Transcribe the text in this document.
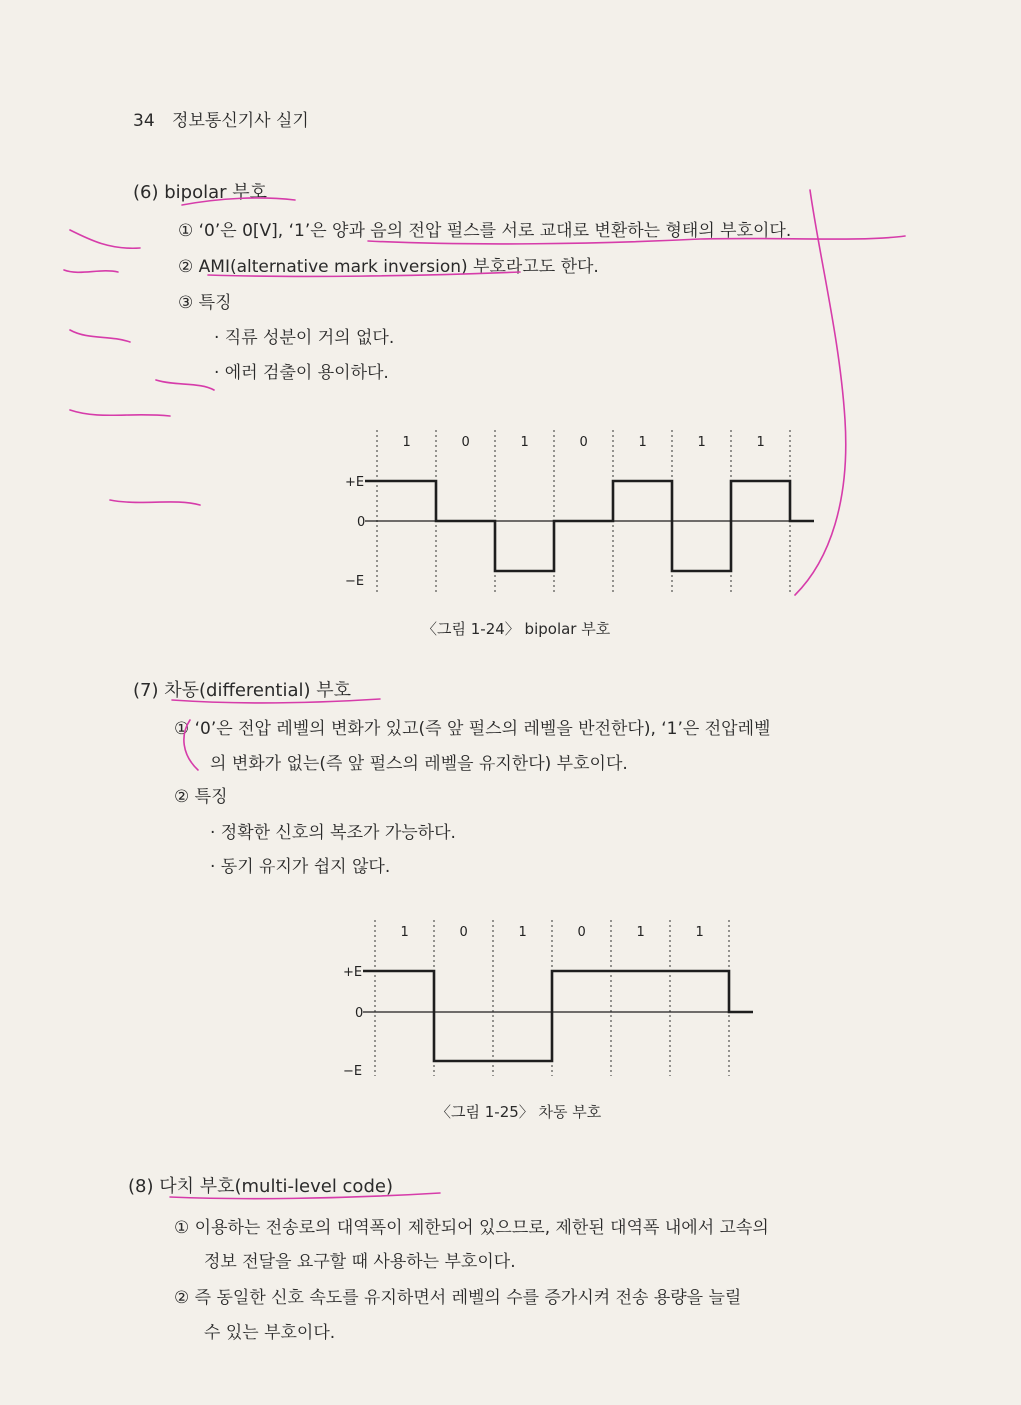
34 정보통신기사 실기
(6) bipolar 부호
① ‘0’은 0[V], ‘1’은 양과 음의 전압 펄스를 서로 교대로 변환하는 형태의 부호이다.
② AMI(alternative mark inversion) 부호라고도 한다.
③ 특징
· 직류 성분이 거의 없다.
· 에러 검출이 용이하다.
(7) 차동(differential) 부호
① ‘0’은 전압 레벨의 변화가 있고(즉 앞 펄스의 레벨을 반전한다), ‘1’은 전압레벨
의 변화가 없는(즉 앞 펄스의 레벨을 유지한다) 부호이다.
② 특징
· 정확한 신호의 복조가 가능하다.
· 동기 유지가 쉽지 않다.
(8) 다치 부호(multi-level code)
① 이용하는 전송로의 대역폭이 제한되어 있으므로, 제한된 대역폭 내에서 고속의
정보 전달을 요구할 때 사용하는 부호이다.
② 즉 동일한 신호 속도를 유지하면서 레벨의 수를 증가시켜 전송 용량을 늘릴
수 있는 부호이다.
〈그림 1-24〉 bipolar 부호
〈그림 1-25〉 차동 부호
+E
0
−E
1	0	1	0	1	1	1
+E
0
−E
1	0	1	0	1	1
